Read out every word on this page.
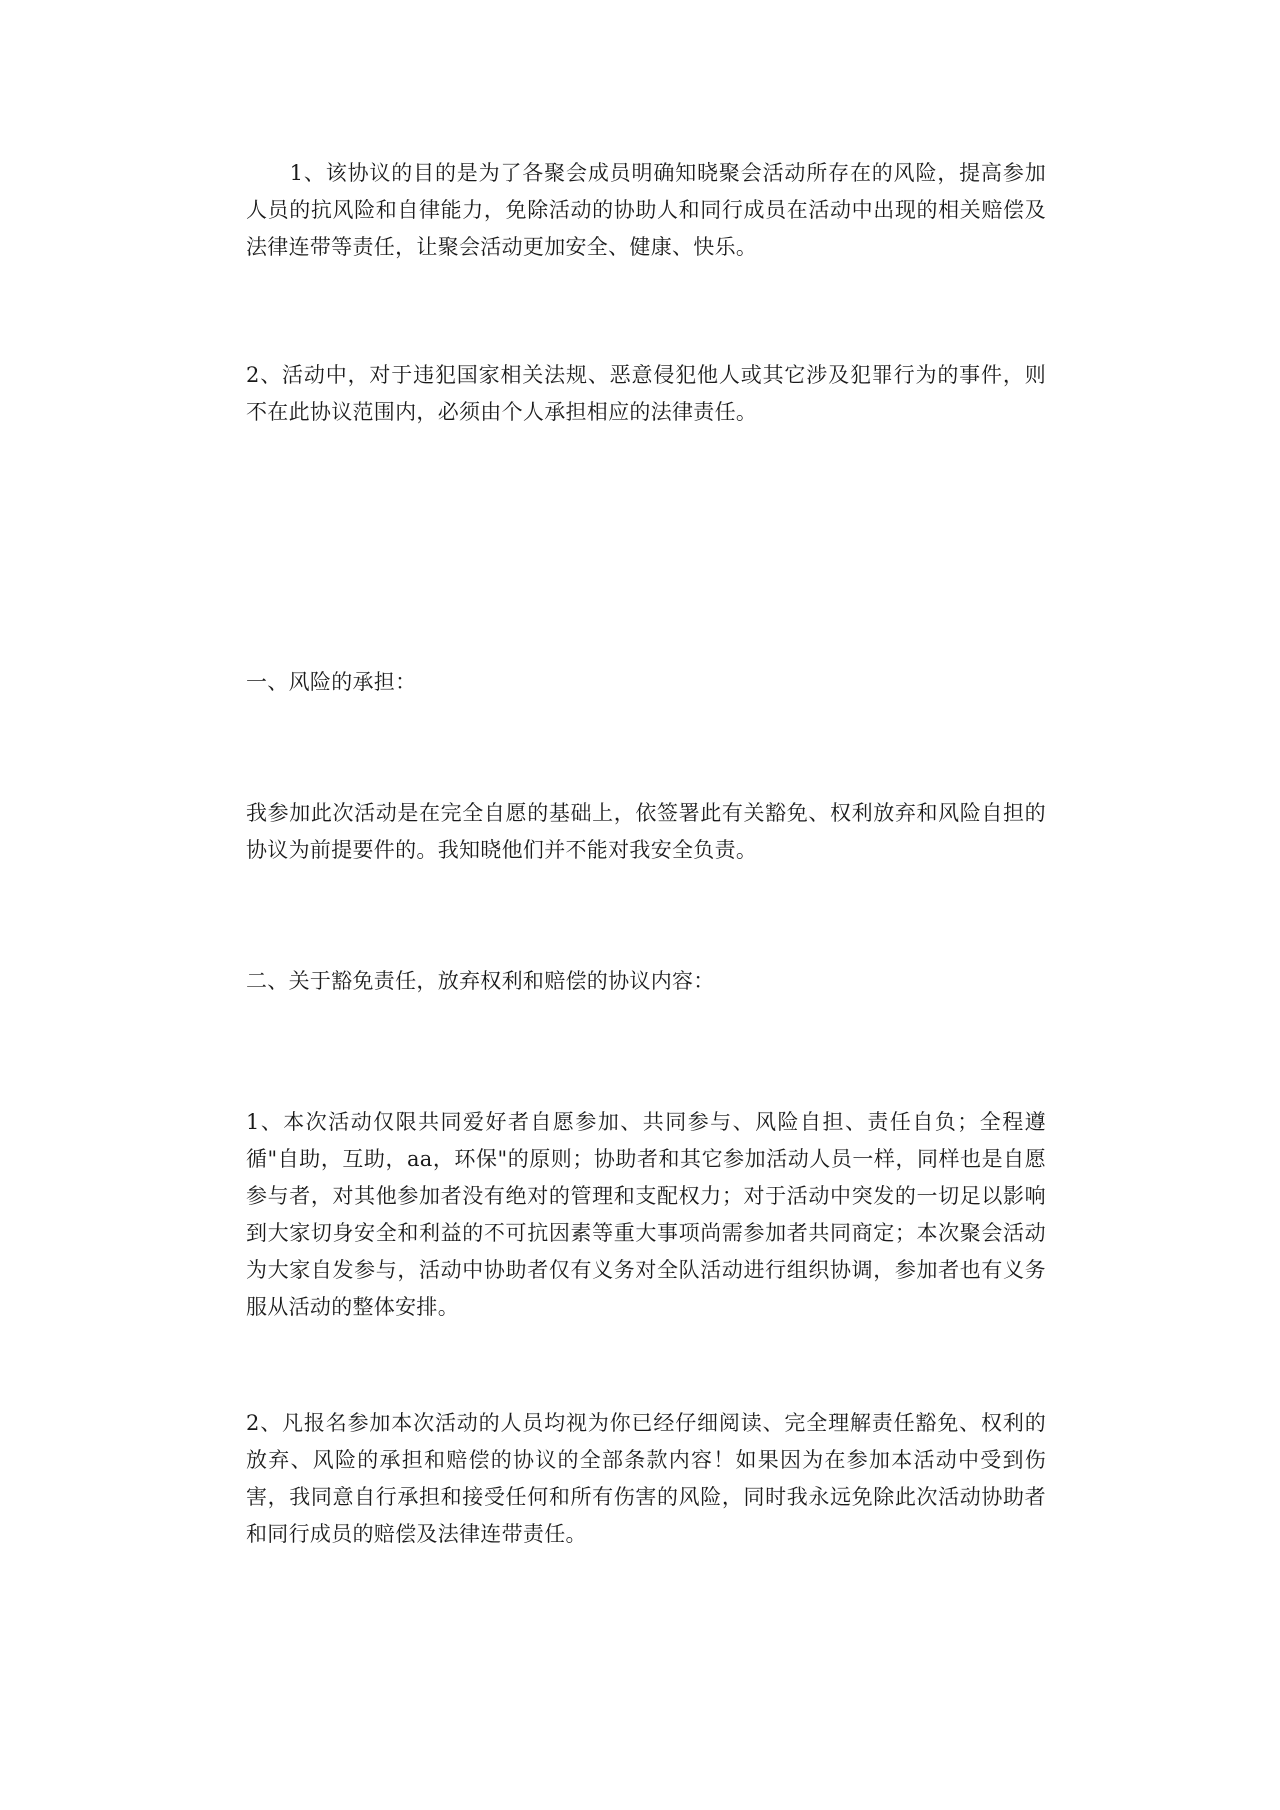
　　1、该协议的目的是为了各聚会成员明确知晓聚会活动所存在的风险，提高参加人员的抗风险和自律能力，免除活动的协助人和同行成员在活动中出现的相关赔偿及法律连带等责任，让聚会活动更加安全、健康、快乐。

2、活动中，对于违犯国家相关法规、恶意侵犯他人或其它涉及犯罪行为的事件，则不在此协议范围内，必须由个人承担相应的法律责任。

一、风险的承担：

我参加此次活动是在完全自愿的基础上，依签署此有关豁免、权利放弃和风险自担的协议为前提要件的。我知晓他们并不能对我安全负责。

二、关于豁免责任，放弃权利和赔偿的协议内容：

1、本次活动仅限共同爱好者自愿参加、共同参与、风险自担、责任自负；全程遵循"自助，互助，aa，环保"的原则；协助者和其它参加活动人员一样，同样也是自愿参与者，对其他参加者没有绝对的管理和支配权力；对于活动中突发的一切足以影响到大家切身安全和利益的不可抗因素等重大事项尚需参加者共同商定；本次聚会活动为大家自发参与，活动中协助者仅有义务对全队活动进行组织协调，参加者也有义务服从活动的整体安排。

2、凡报名参加本次活动的人员均视为你已经仔细阅读、完全理解责任豁免、权利的放弃、风险的承担和赔偿的协议的全部条款内容！如果因为在参加本活动中受到伤害，我同意自行承担和接受任何和所有伤害的风险，同时我永远免除此次活动协助者和同行成员的赔偿及法律连带责任。
